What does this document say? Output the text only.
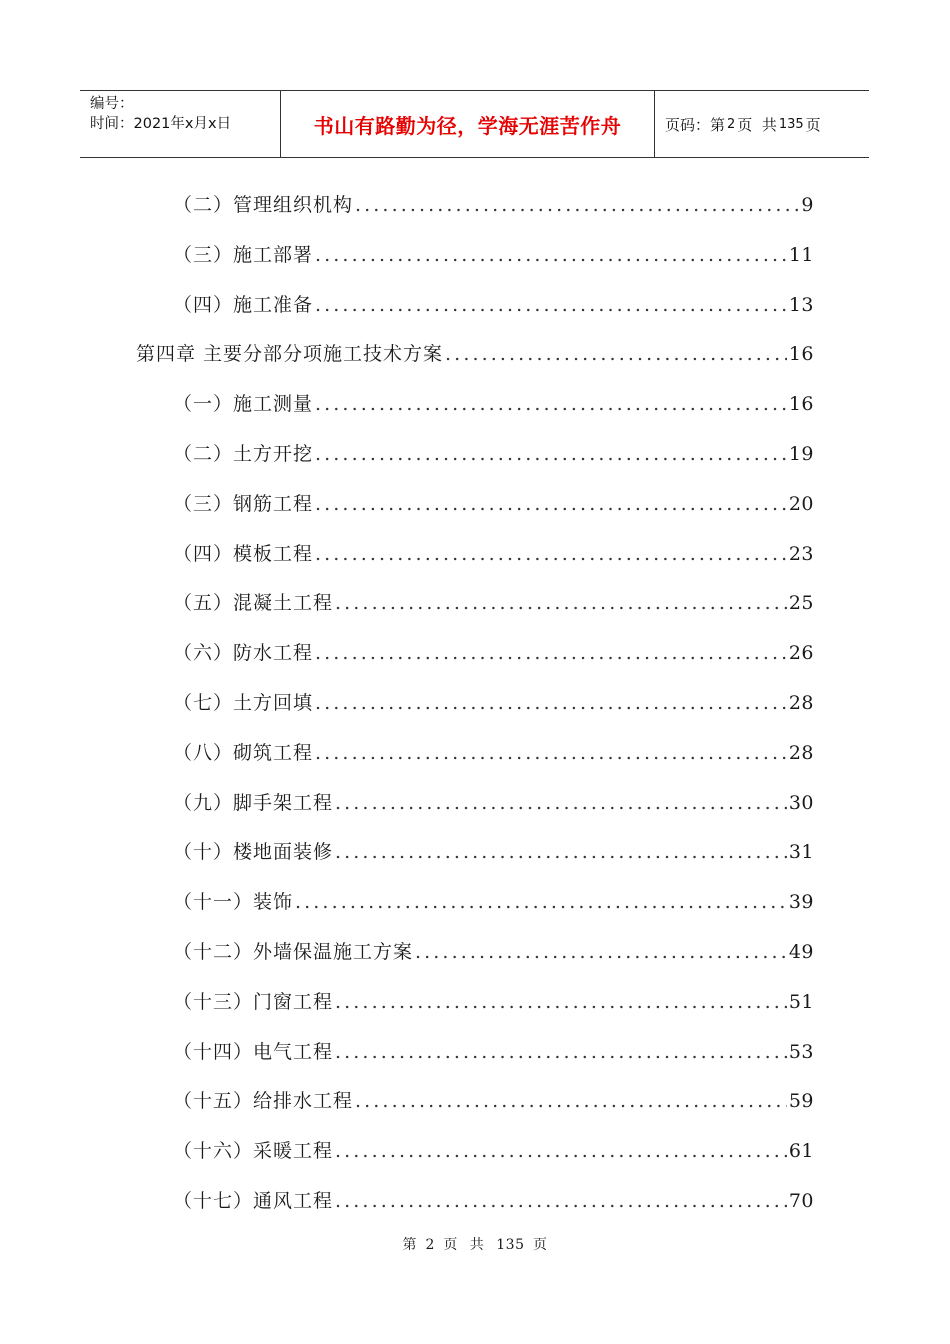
编号：
时间：2021年x月x日	书山有路勤为径，学海无涯苦作舟	页码：第 2 页  共 135 页
（二）管理组织机构 .....	9
（三）施工部署 .....	11
（四）施工准备 .....	13
第四章 主要分部分项施工技术方案 .....	16
（一）施工测量 .....	16
（二）土方开挖 .....	19
（三）钢筋工程 .....	20
（四）模板工程 .....	23
（五）混凝土工程 .....	25
（六）防水工程 .....	26
（七）土方回填 .....	28
（八）砌筑工程 .....	28
（九）脚手架工程 .....	30
（十）楼地面装修 .....	31
（十一）装饰 .....	39
（十二）外墙保温施工方案 .....	49
（十三）门窗工程 .....	51
（十四）电气工程 .....	53
（十五）给排水工程 .....	59
（十六）采暖工程 .....	61
（十七）通风工程 .....	70
第 2 页 共 135 页
